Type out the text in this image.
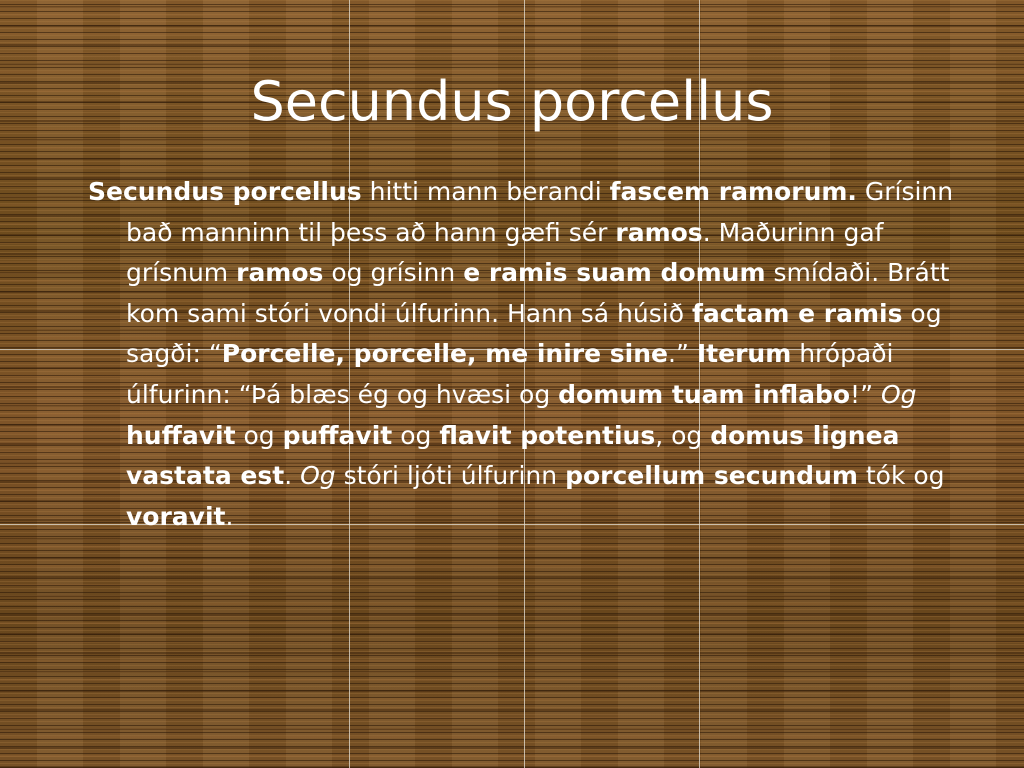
Secundus porcellus

Secundus porcellus hitti mann berandi fascem ramorum. Grísinn bað manninn til þess að hann gæfi sér ramos. Maðurinn gaf grísnum ramos og grísinn e ramis suam domum smídaði. Brátt kom sami stóri vondi úlfurinn. Hann sá húsið factam e ramis og sagði: “Porcelle, porcelle, me inire sine.” Iterum hrópaði úlfurinn: “Þá blæs ég og hvæsi og domum tuam inflabo!” Og huffavit og puffavit og flavit potentius, og domus lignea vastata est. Og stóri ljóti úlfurinn porcellum secundum tók og voravit.
